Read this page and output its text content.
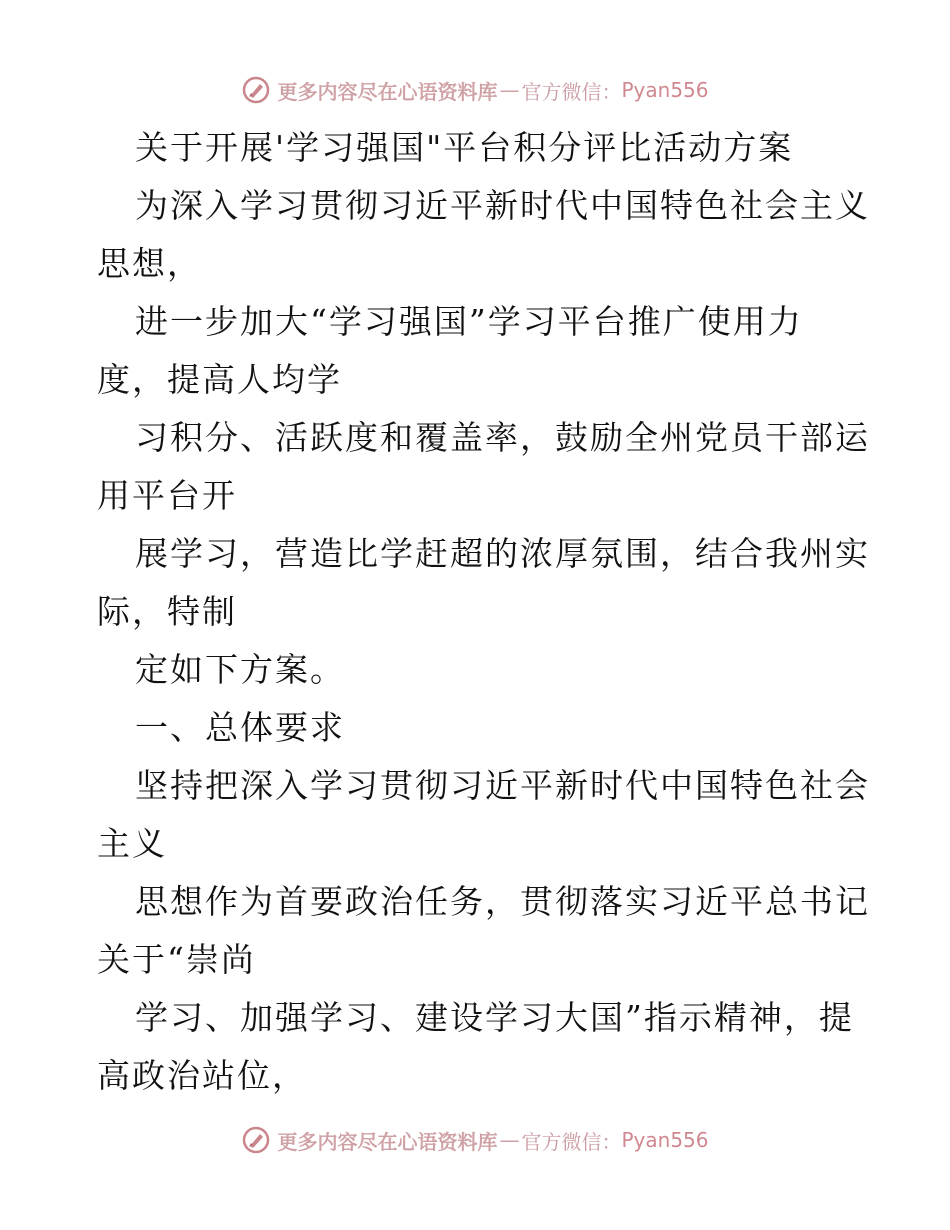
更多内容尽在心语资料库 — 官方微信： Pyan556
关于开展'学习强国"平台积分评比活动方案
为深入学习贯彻习近平新时代中国特色社会主义
思想，
进一步加大“学习强国”学习平台推广使用力
度，提高人均学
习积分、活跃度和覆盖率，鼓励全州党员干部运
用平台开
展学习，营造比学赶超的浓厚氛围，结合我州实
际，特制
定如下方案。
一、总体要求
坚持把深入学习贯彻习近平新时代中国特色社会
主义
思想作为首要政治任务，贯彻落实习近平总书记
关于“崇尚
学习、加强学习、建设学习大国”指示精神，提
高政治站位，
更多内容尽在心语资料库 — 官方微信： Pyan556
